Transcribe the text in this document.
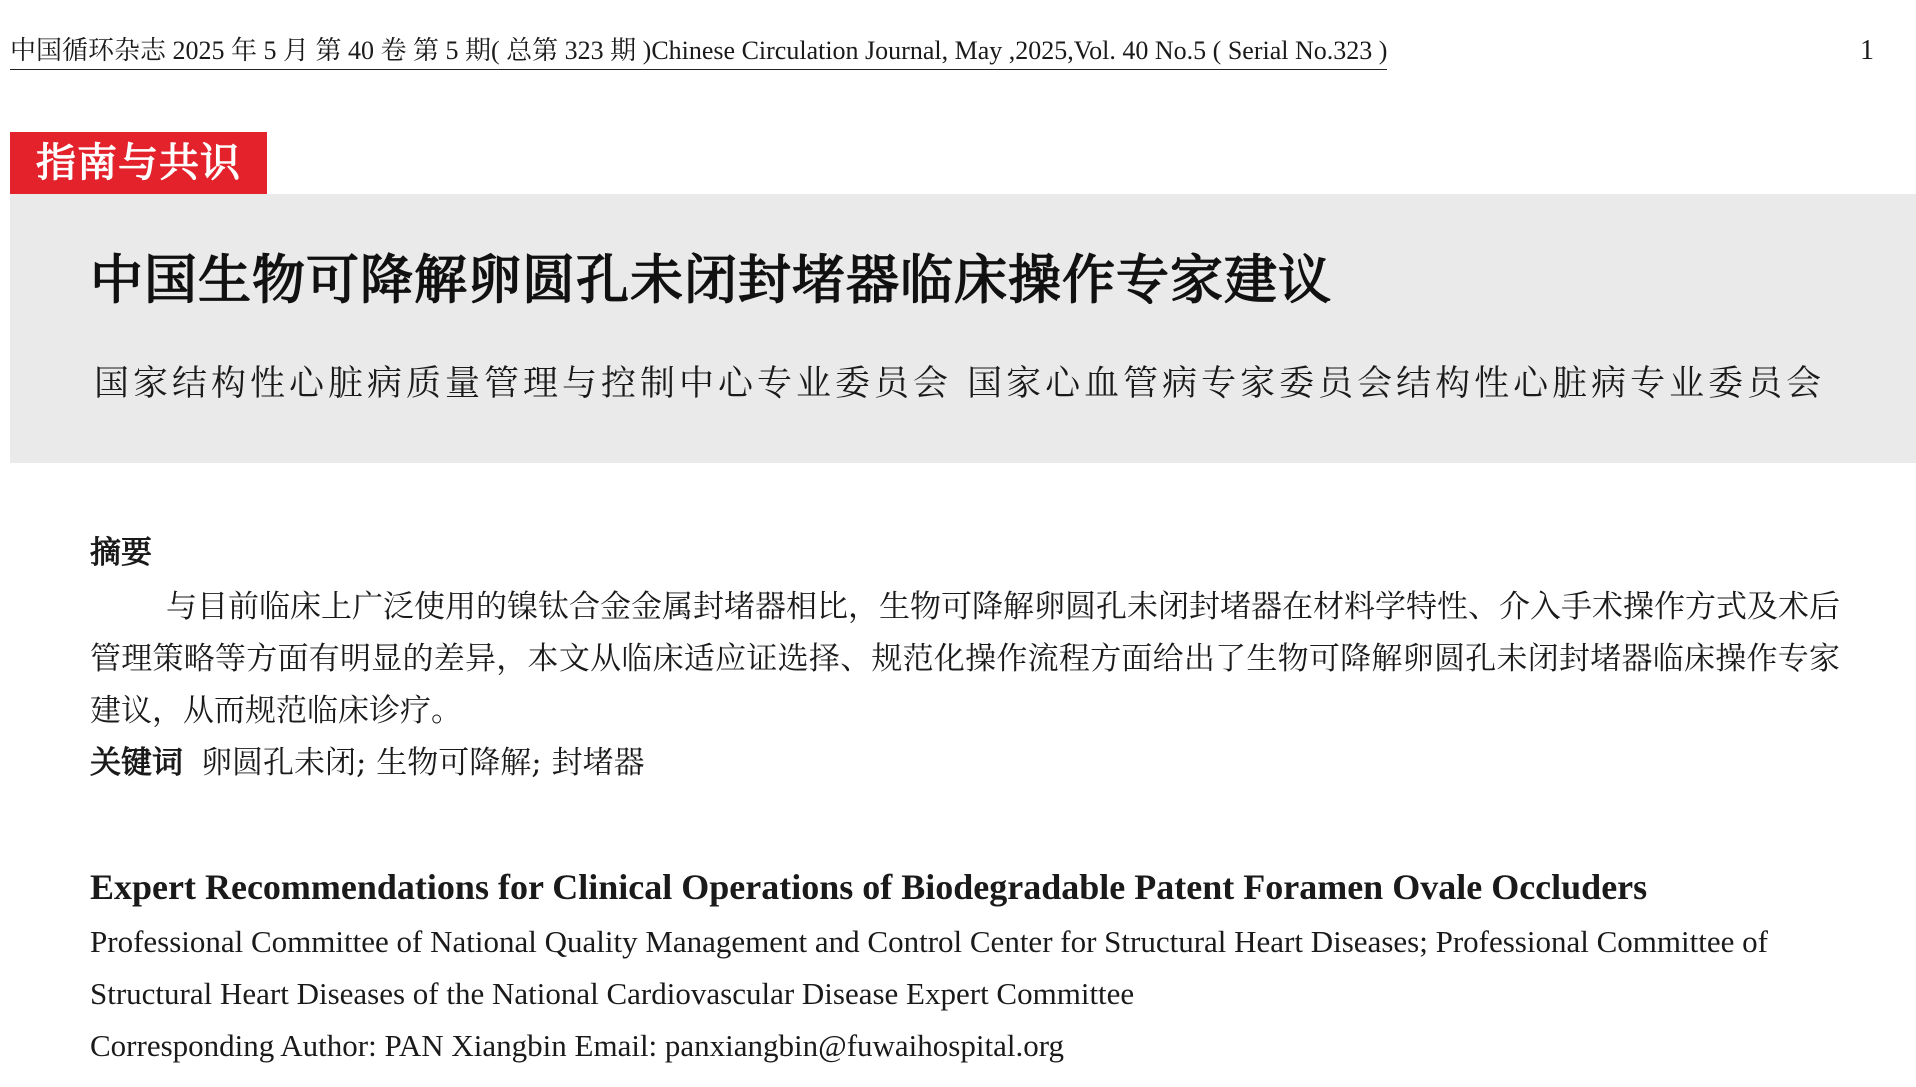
中国循环杂志 2025 年 5 月 第 40 卷 第 5 期( 总第 323 期 )Chinese Circulation Journal, May ,2025,Vol. 40 No.5 ( Serial No.323 )	1
指南与共识
中国生物可降解卵圆孔未闭封堵器临床操作专家建议
国家结构性心脏病质量管理与控制中心专业委员会 国家心血管病专家委员会结构性心脏病专业委员会

摘要

与目前临床上广泛使用的镍钛合金金属封堵器相比，生物可降解卵圆孔未闭封堵器在材料学特性、介入手术操作方式及术后管理策略等方面有明显的差异，本文从临床适应证选择、规范化操作流程方面给出了生物可降解卵圆孔未闭封堵器临床操作专家建议，从而规范临床诊疗。

关键词 卵圆孔未闭; 生物可降解; 封堵器

Expert Recommendations for Clinical Operations of Biodegradable Patent Foramen Ovale Occluders

Professional Committee of National Quality Management and Control Center for Structural Heart Diseases; Professional Committee of Structural Heart Diseases of the National Cardiovascular Disease Expert Committee

Corresponding Author: PAN Xiangbin Email: panxiangbin@fuwaihospital.org
